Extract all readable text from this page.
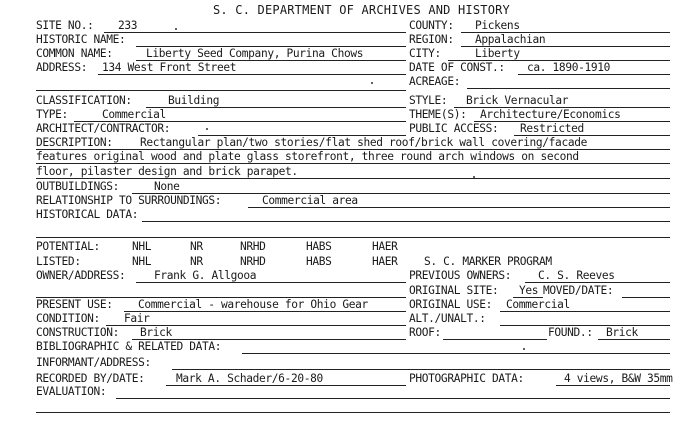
S. C. DEPARTMENT OF ARCHIVES AND HISTORY
SITE NO.: 233	COUNTY: Pickens
HISTORIC NAME:	REGION: Appalachian
COMMON NAME:	Liberty Seed Company, Purina Chows	CITY:	Liberty
ADDRESS: 134 West Front Street	DATE OF CONST.: ca. 1890-1910
ACREAGE:
CLASSIFICATION:	Building	STYLE: Brick Vernacular
TYPE:	Commercial	THEME(S): Architecture/Economics
ARCHITECT/CONTRACTOR:	PUBLIC ACCESS: Restricted
DESCRIPTION: Rectangular plan/two stories/flat shed roof/brick wall covering/facade
features original wood and plate glass storefront, three round arch windows on second
floor, pilaster design and brick parapet.
OUTBUILDINGS:	None
RELATIONSHIP TO SURROUNDINGS:	Commercial area
HISTORICAL DATA:
POTENTIAL:	NHL	NR	NRHD	HABS	HAER
LISTED:	NHL	NR	NRHD	HABS	HAER S. C. MARKER PROGRAM
OWNER/ADDRESS:	Frank G. Allgooa	PREVIOUS OWNERS: C. S. Reeves
ORIGINAL SITE: Yes MOVED/DATE:
PRESENT USE: Commercial - warehouse for Ohio Gear	ORIGINAL USE: Commercial
CONDITION: Fair	ALT./UNALT.:
CONSTRUCTION: Brick	ROOF:	FOUND.: Brick
BIBLIOGRAPHIC & RELATED DATA:
INFORMANT/ADDRESS:
RECORDED BY/DATE:	Mark A. Schader/6-20-80	PHOTOGRAPHIC DATA:	4 views, B&W 35mm
EVALUATION:
